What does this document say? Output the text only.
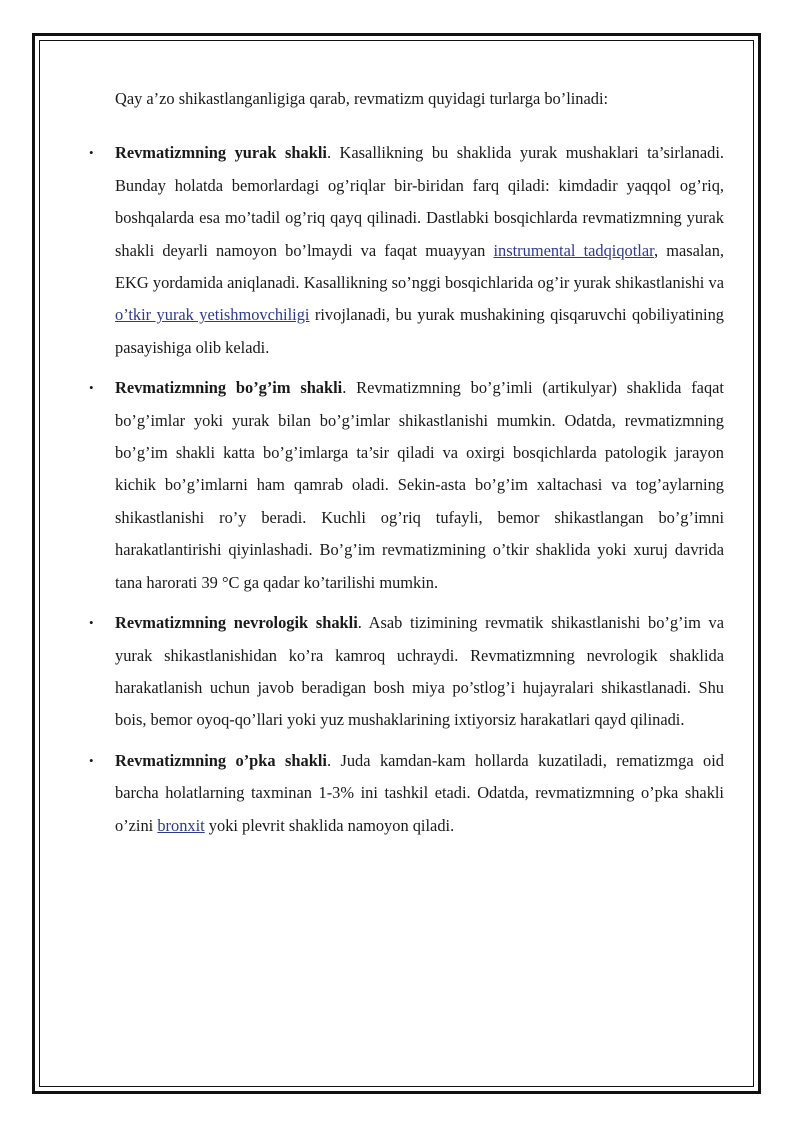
Qay a’zo shikastlanganligiga qarab, revmatizm quyidagi turlarga bo’linadi:

• Revmatizmning yurak shakli. Kasallikning bu shaklida yurak mushaklari ta’sirlanadi. Bunday holatda bemorlardagi og’riqlar bir-biridan farq qiladi: kimdadir yaqqol og’riq, boshqalarda esa mo’tadil og’riq qayq qilinadi. Dastlabki bosqichlarda revmatizmning yurak shakli deyarli namoyon bo’lmaydi va faqat muayyan instrumental tadqiqotlar, masalan, EKG yordamida aniqlanadi. Kasallikning so’nggi bosqichlarida og’ir yurak shikastlanishi va o’tkir yurak yetishmovchiligi rivojlanadi, bu yurak mushakining qisqaruvchi qobiliyatining pasayishiga olib keladi.
• Revmatizmning bo’g’im shakli. Revmatizmning bo’g’imli (artikulyar) shaklida faqat bo’g’imlar yoki yurak bilan bo’g’imlar shikastlanishi mumkin. Odatda, revmatizmning bo’g’im shakli katta bo’g’imlarga ta’sir qiladi va oxirgi bosqichlarda patologik jarayon kichik bo’g’imlarni ham qamrab oladi. Sekin-asta bo’g’im xaltachasi va tog’aylarning shikastlanishi ro’y beradi. Kuchli og’riq tufayli, bemor shikastlangan bo’g’imni harakatlantirishi qiyinlashadi. Bo’g’im revmatizmining o’tkir shaklida yoki xuruj davrida tana harorati 39 °C ga qadar ko’tarilishi mumkin.
• Revmatizmning nevrologik shakli. Asab tizimining revmatik shikastlanishi bo’g’im va yurak shikastlanishidan ko’ra kamroq uchraydi. Revmatizmning nevrologik shaklida harakatlanish uchun javob beradigan bosh miya po’stlog’i hujayralari shikastlanadi. Shu bois, bemor oyoq-qo’llari yoki yuz mushaklarining ixtiyorsiz harakatlari qayd qilinadi.
• Revmatizmning o’pka shakli. Juda kamdan-kam hollarda kuzatiladi, rematizmga oid barcha holatlarning taxminan 1-3% ini tashkil etadi. Odatda, revmatizmning o’pka shakli o’zini bronxit yoki plevrit shaklida namoyon qiladi.
